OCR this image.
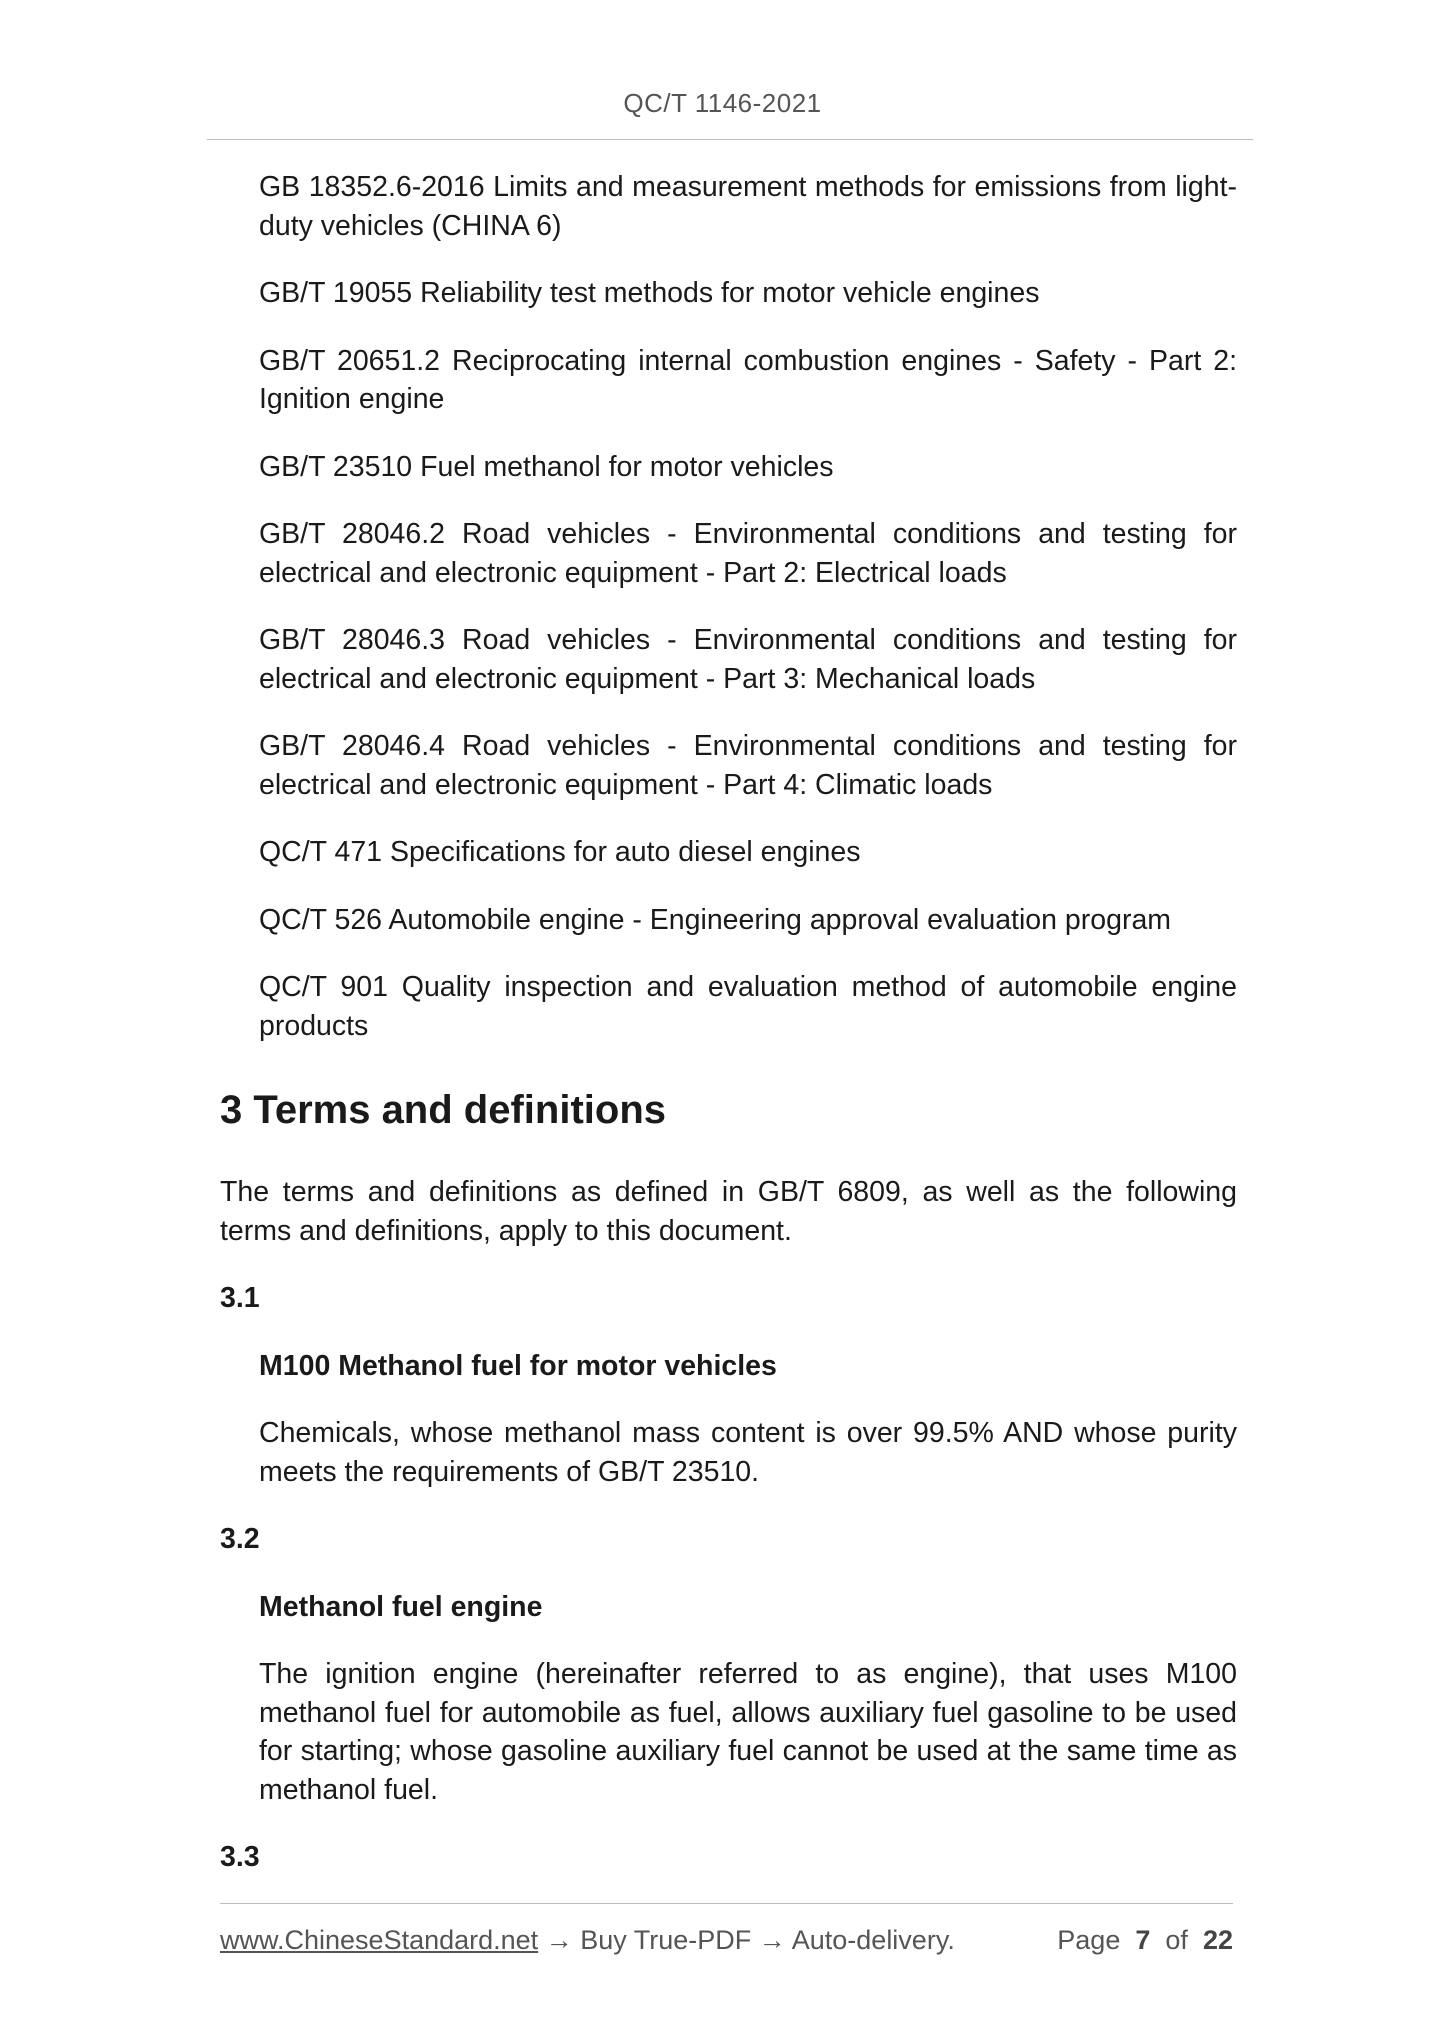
QC/T 1146-2021

GB 18352.6-2016 Limits and measurement methods for emissions from light-duty vehicles (CHINA 6)

GB/T 19055 Reliability test methods for motor vehicle engines

GB/T 20651.2 Reciprocating internal combustion engines - Safety - Part 2: Ignition engine

GB/T 23510 Fuel methanol for motor vehicles

GB/T 28046.2 Road vehicles - Environmental conditions and testing for electrical and electronic equipment - Part 2: Electrical loads

GB/T 28046.3 Road vehicles - Environmental conditions and testing for electrical and electronic equipment - Part 3: Mechanical loads

GB/T 28046.4 Road vehicles - Environmental conditions and testing for electrical and electronic equipment - Part 4: Climatic loads

QC/T 471 Specifications for auto diesel engines

QC/T 526 Automobile engine - Engineering approval evaluation program

QC/T 901 Quality inspection and evaluation method of automobile engine products

3 Terms and definitions

The terms and definitions as defined in GB/T 6809, as well as the following terms and definitions, apply to this document.

3.1

M100 Methanol fuel for motor vehicles

Chemicals, whose methanol mass content is over 99.5% AND whose purity meets the requirements of GB/T 23510.

3.2

Methanol fuel engine

The ignition engine (hereinafter referred to as engine), that uses M100 methanol fuel for automobile as fuel, allows auxiliary fuel gasoline to be used for starting; whose gasoline auxiliary fuel cannot be used at the same time as methanol fuel.

3.3

www.ChineseStandard.net → Buy True-PDF → Auto-delivery.	Page 7 of 22
